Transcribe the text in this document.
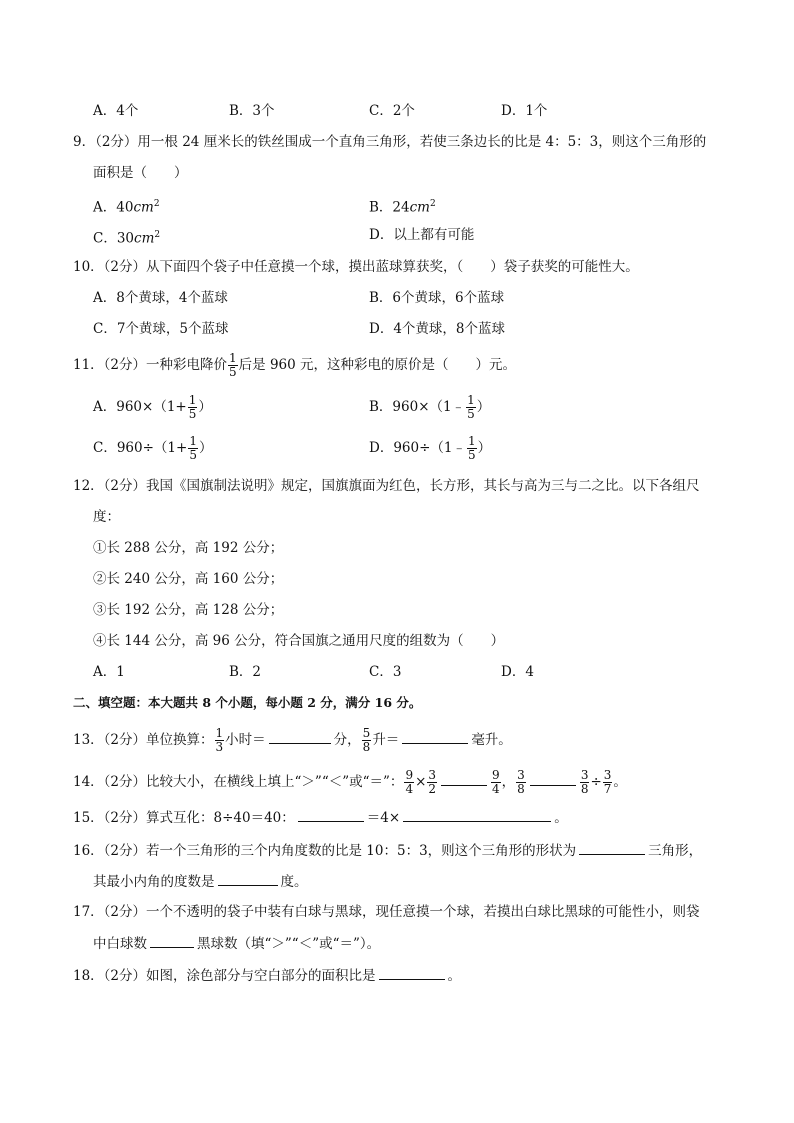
A．4个	B．3个	C．2个	D．1个
9．（2分）用一根 24 厘米长的铁丝围成一个直角三角形，若使三条边长的比是 4：5：3，则这个三角形的
面积是（　　）
A．$40cm^2$	B．$24cm^2$
C．$30cm^2$	D．以上都有可能
10．（2分）从下面四个袋子中任意摸一个球，摸出蓝球算获奖，（　　）袋子获奖的可能性大。
A．8个黄球，4个蓝球	B．6个黄球，6个蓝球
C．7个黄球，5个蓝球	D．4个黄球，8个蓝球
11．（2分）一种彩电降价 $\frac{1}{5}$ 后是 960 元，这种彩电的原价是（　　）元。
A．$960\times(1+ \frac{1}{5}$ ）	B．960×（1﹣ $\frac{1}{5}$ ）
C．$960\div(1+ \frac{1}{5}$ ）	D．960÷（1﹣ $\frac{1}{5}$ ）
12．（2分）我国《国旗制法说明》规定，国旗旗面为红色，长方形，其长与高为三与二之比。以下各组尺
度：
①长 288 公分，高 192 公分；
②长 240 公分，高 160 公分；
③长 192 公分，高 128 公分；
④长 144 公分，高 96 公分，符合国旗之通用尺度的组数为（　　）
A．1	B．2	C．3	D．4
二、填空题：本大题共 8 个小题，每小题 2 分，满分 16 分。
13．（2分）单位换算： $\frac{1}{3}$ 小时＝	分， $\frac{5}{8}$ 升＝	毫升。
14．（2分）比较大小，在横线上填上“＞”“＜”或“＝”： $\frac{9}{4} \times \frac{3}{2}$	$\frac{9}{4}$ ， $\frac{3}{8}$	$\frac{3}{8} \div \frac{3}{7}$ 。
15．（2分）算式互化：8÷40＝40：	＝4×	。
16．（2分）若一个三角形的三个内角度数的比是 10：5：3，则这个三角形的形状为	三角形，
其最小内角的度数是	度。
17．（2分）一个不透明的袋子中装有白球与黑球，现任意摸一个球，若摸出白球比黑球的可能性小，则袋
中白球数	黑球数（填“＞”“＜”或“＝”）。
18．（2分）如图，涂色部分与空白部分的面积比是	。
